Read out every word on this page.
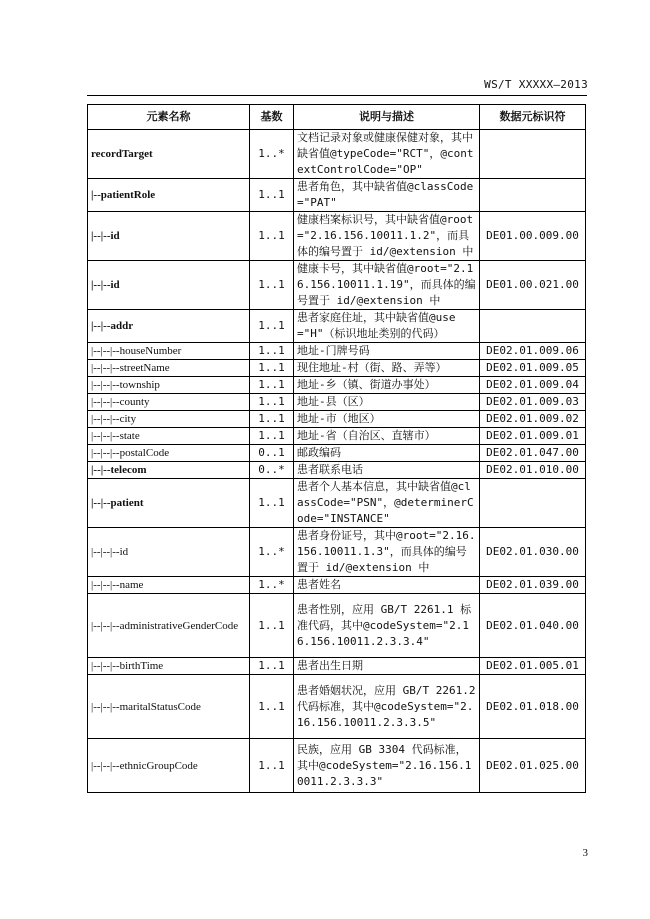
WS/T XXXXX—2013
元素名称	基数	说明与描述	数据元标识符
recordTarget	1..*	文档记录对象或健康保健对象，其中缺省值@typeCode="RCT"，@contextControlCode="OP"	
|--patientRole	1..1	患者角色，其中缺省值@classCode="PAT"	
|--|--id	1..1	健康档案标识号，其中缺省值@root="2.16.156.10011.1.2"，而具体的编号置于 id/@extension 中	DE01.00.009.00
|--|--id	1..1	健康卡号，其中缺省值@root="2.16.156.10011.1.19"，而具体的编号置于 id/@extension 中	DE01.00.021.00
|--|--addr	1..1	患者家庭住址，其中缺省值@use="H"（标识地址类别的代码）	
|--|--|--houseNumber	1..1	地址-门牌号码	DE02.01.009.06
|--|--|--streetName	1..1	现住地址-村（街、路、弄等）	DE02.01.009.05
|--|--|--township	1..1	地址-乡（镇、街道办事处）	DE02.01.009.04
|--|--|--county	1..1	地址-县（区）	DE02.01.009.03
|--|--|--city	1..1	地址-市（地区）	DE02.01.009.02
|--|--|--state	1..1	地址-省（自治区、直辖市）	DE02.01.009.01
|--|--|--postalCode	0..1	邮政编码	DE02.01.047.00
|--|--telecom	0..*	患者联系电话	DE02.01.010.00
|--|--patient	1..1	患者个人基本信息，其中缺省值@classCode="PSN"，@determinerCode="INSTANCE"	
|--|--|--id	1..*	患者身份证号，其中@root="2.16.156.10011.1.3"，而具体的编号置于 id/@extension 中	DE02.01.030.00
|--|--|--name	1..*	患者姓名	DE02.01.039.00
|--|--|--administrativeGenderCode	1..1	患者性别，应用 GB/T 2261.1 标准代码，其中@codeSystem="2.16.156.10011.2.3.3.4"	DE02.01.040.00
|--|--|--birthTime	1..1	患者出生日期	DE02.01.005.01
|--|--|--maritalStatusCode	1..1	患者婚姻状况，应用 GB/T 2261.2 代码标准，其中@codeSystem="2.16.156.10011.2.3.3.5"	DE02.01.018.00
|--|--|--ethnicGroupCode	1..1	民族，应用 GB 3304 代码标准，其中@codeSystem="2.16.156.10011.2.3.3.3"	DE02.01.025.00
3
